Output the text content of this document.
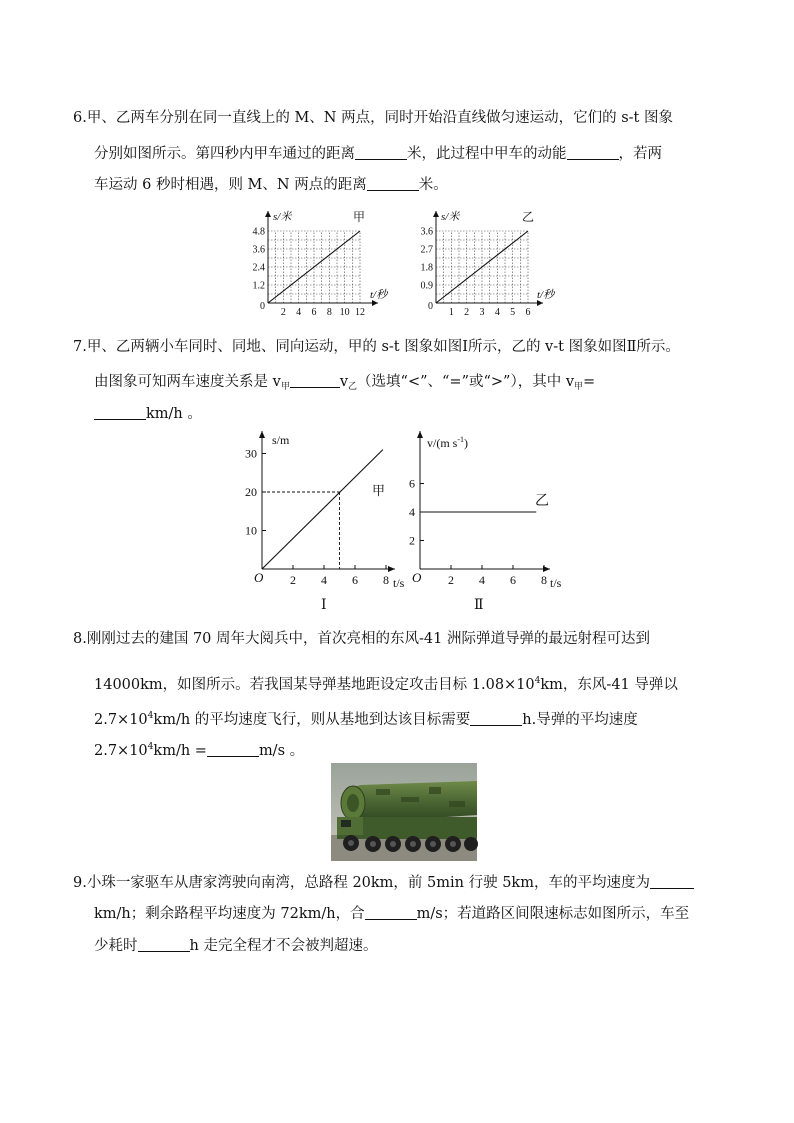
6.甲、乙两车分别在同一直线上的 M、N 两点，同时开始沿直线做匀速运动，它们的 s-t 图象
分别如图所示。第四秒内甲车通过的距离	米，此过程中甲车的动能	，若两
车运动 6 秒时相遇，则 M、N 两点的距离	米。
2 4 6 8 10 12
1.2
2.4
3.6
4.8
0
s/米
t/秒
甲
1 2 3 4 5 6
0.9
1.8
2.7
3.6
0
s/米
t/秒
乙
7.甲、乙两辆小车同时、同地、同向运动，甲的 s-t 图象如图Ⅰ所示，乙的 v-t 图象如图Ⅱ所示。
由图象可知两车速度关系是 $v_甲$	$v_乙$（选填“<”、“=”或“>”），其中 $v_甲=$
km/h 。
2 4 6 8
10
20
30
O
s/m
t/s
甲
Ⅰ
2 4 6 8
2
4
6
O
v/(m $s^{-1}$)
t/s
乙
Ⅱ
8.刚刚过去的建国 70 周年大阅兵中，首次亮相的东风-41 洲际弹道导弹的最远射程可达到
14000km，如图所示。若我国某导弹基地距设定攻击目标 $1.08\times 10^4km$，东风-41 导弹以
$2.7\times 10^4km/h$ 的平均速度飞行，则从基地到达该目标需要	h.导弹的平均速度
$2.7\times 10^4km/h$ =	m/s 。
9.小珠一家驱车从唐家湾驶向南湾，总路程 20km，前 5min 行驶 5km，车的平均速度为
km/h；剩余路程平均速度为 72km/h，合	m/s；若道路区间限速标志如图所示，车至
少耗时	h 走完全程才不会被判超速。
